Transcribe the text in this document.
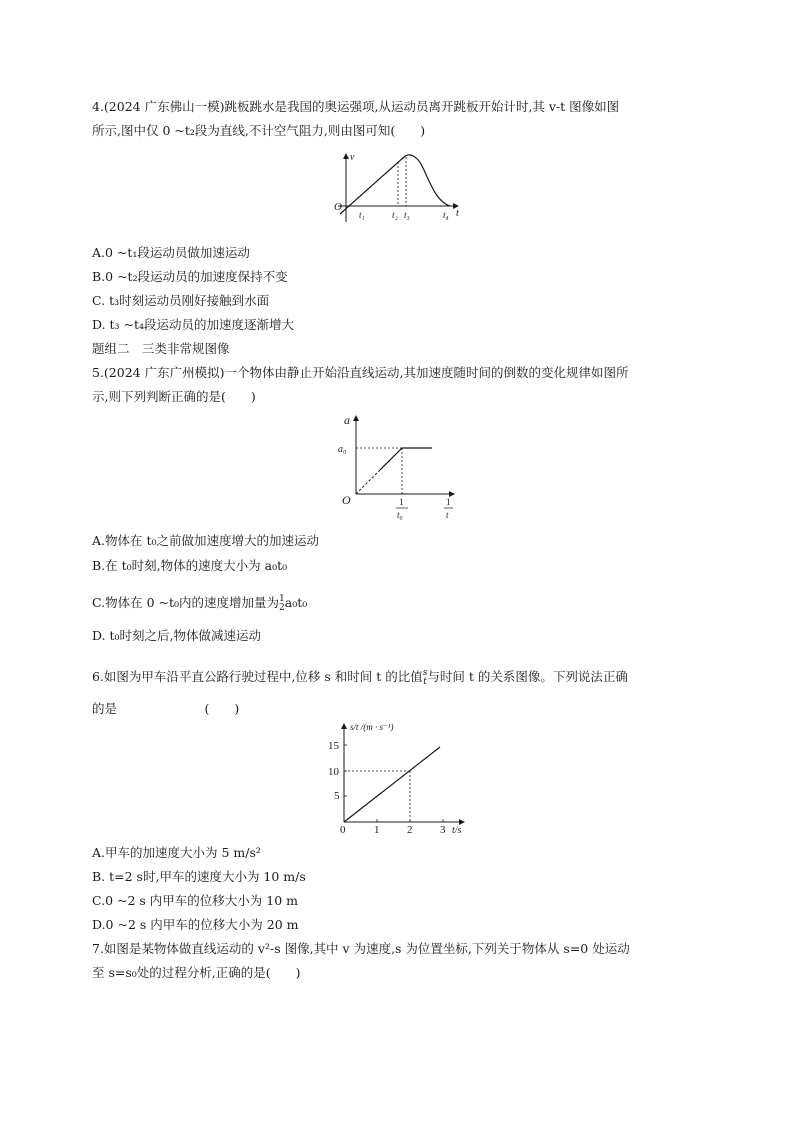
4.(2024 广东佛山一模)跳板跳水是我国的奥运强项,从运动员离开跳板开始计时,其 v-t 图像如图
所示,图中仅 0 ~t₂段为直线,不计空气阻力,则由图可知(　　)
v
O
t
t₁	t₂ t₃	t₄
A.0 ~t₁段运动员做加速运动
B.0 ~t₂段运动员的加速度保持不变
C. t₃时刻运动员刚好接触到水面
D. t₃ ~t₄段运动员的加速度逐渐增大
题组二　三类非常规图像
5.(2024 广东广州模拟)一个物体由静止开始沿直线运动,其加速度随时间的倒数的变化规律如图所
示,则下列判断正确的是(　　)
a
a₀
O	1
t₀
1
t
A.物体在 t₀之前做加速度增大的加速运动
B.在 t₀时刻,物体的速度大小为 a₀t₀
C.物体在 0 ~t₀内的速度增加量为 1
2 a₀t₀
D. t₀时刻之后,物体做减速运动
6.如图为甲车沿平直公路行驶过程中,位移 s 和时间 t 的比值 s
t 与时间 t 的关系图像。下列说法正确
的是　　　　　　　(　　)
s/t /(m · s⁻¹)
5
10
15
0	1	2	3 t/s
A.甲车的加速度大小为 5 m/s²
B. t=2 s时,甲车的速度大小为 10 m/s
C.0 ~2 s 内甲车的位移大小为 10 m
D.0 ~2 s 内甲车的位移大小为 20 m
7.如图是某物体做直线运动的 v²-s 图像,其中 v 为速度,s 为位置坐标,下列关于物体从 s=0 处运动
至 s=s₀处的过程分析,正确的是(　　)
